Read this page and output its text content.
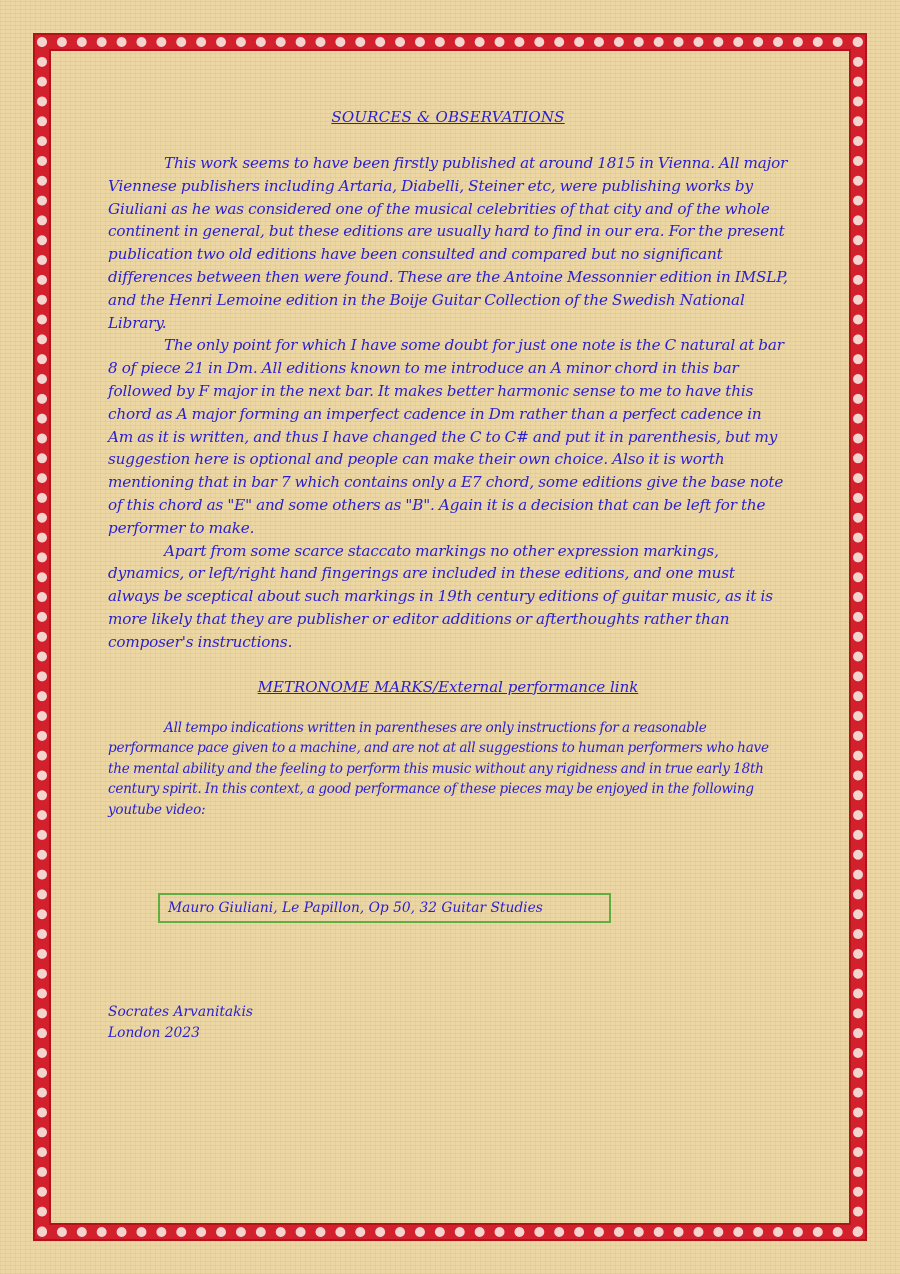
SOURCES & OBSERVATIONS

This work seems to have been firstly published at around 1815 in Vienna. All major Viennese publishers including Artaria, Diabelli, Steiner etc, were publishing works by Giuliani as he was considered one of the musical celebrities of that city and of the whole continent in general, but these editions are usually hard to find in our era. For the present publication two old editions have been consulted and compared but no significant differences between then were found. These are the Antoine Messonnier edition in IMSLP, and the Henri Lemoine edition in the Boije Guitar Collection of the Swedish National Library.

The only point for which I have some doubt for just one note is the C natural at bar 8 of piece 21 in Dm. All editions known to me introduce an A minor chord in this bar followed by F major in the next bar. It makes better harmonic sense to me to have this chord as A major forming an imperfect cadence in Dm rather than a perfect cadence in Am as it is written, and thus I have changed the C to C# and put it in parenthesis, but my suggestion here is optional and people can make their own choice. Also it is worth mentioning that in bar 7 which contains only a E7 chord, some editions give the base note of this chord as "E" and some others as "B". Again it is a decision that can be left for the performer to make.

Apart from some scarce staccato markings no other expression markings, dynamics, or left/right hand fingerings are included in these editions, and one must always be sceptical about such markings in 19th century editions of guitar music, as it is more likely that they are publisher or editor additions or afterthoughts rather than composer's instructions.

METRONOME MARKS/External performance link

All tempo indications written in parentheses are only instructions for a reasonable performance pace given to a machine, and are not at all suggestions to human performers who have the mental ability and the feeling to perform this music without any rigidness and in true early 18th century spirit. In this context, a good performance of these pieces may be enjoyed in the following youtube video:

Mauro Giuliani, Le Papillon, Op 50, 32 Guitar Studies
Socrates Arvanitakis
London 2023
